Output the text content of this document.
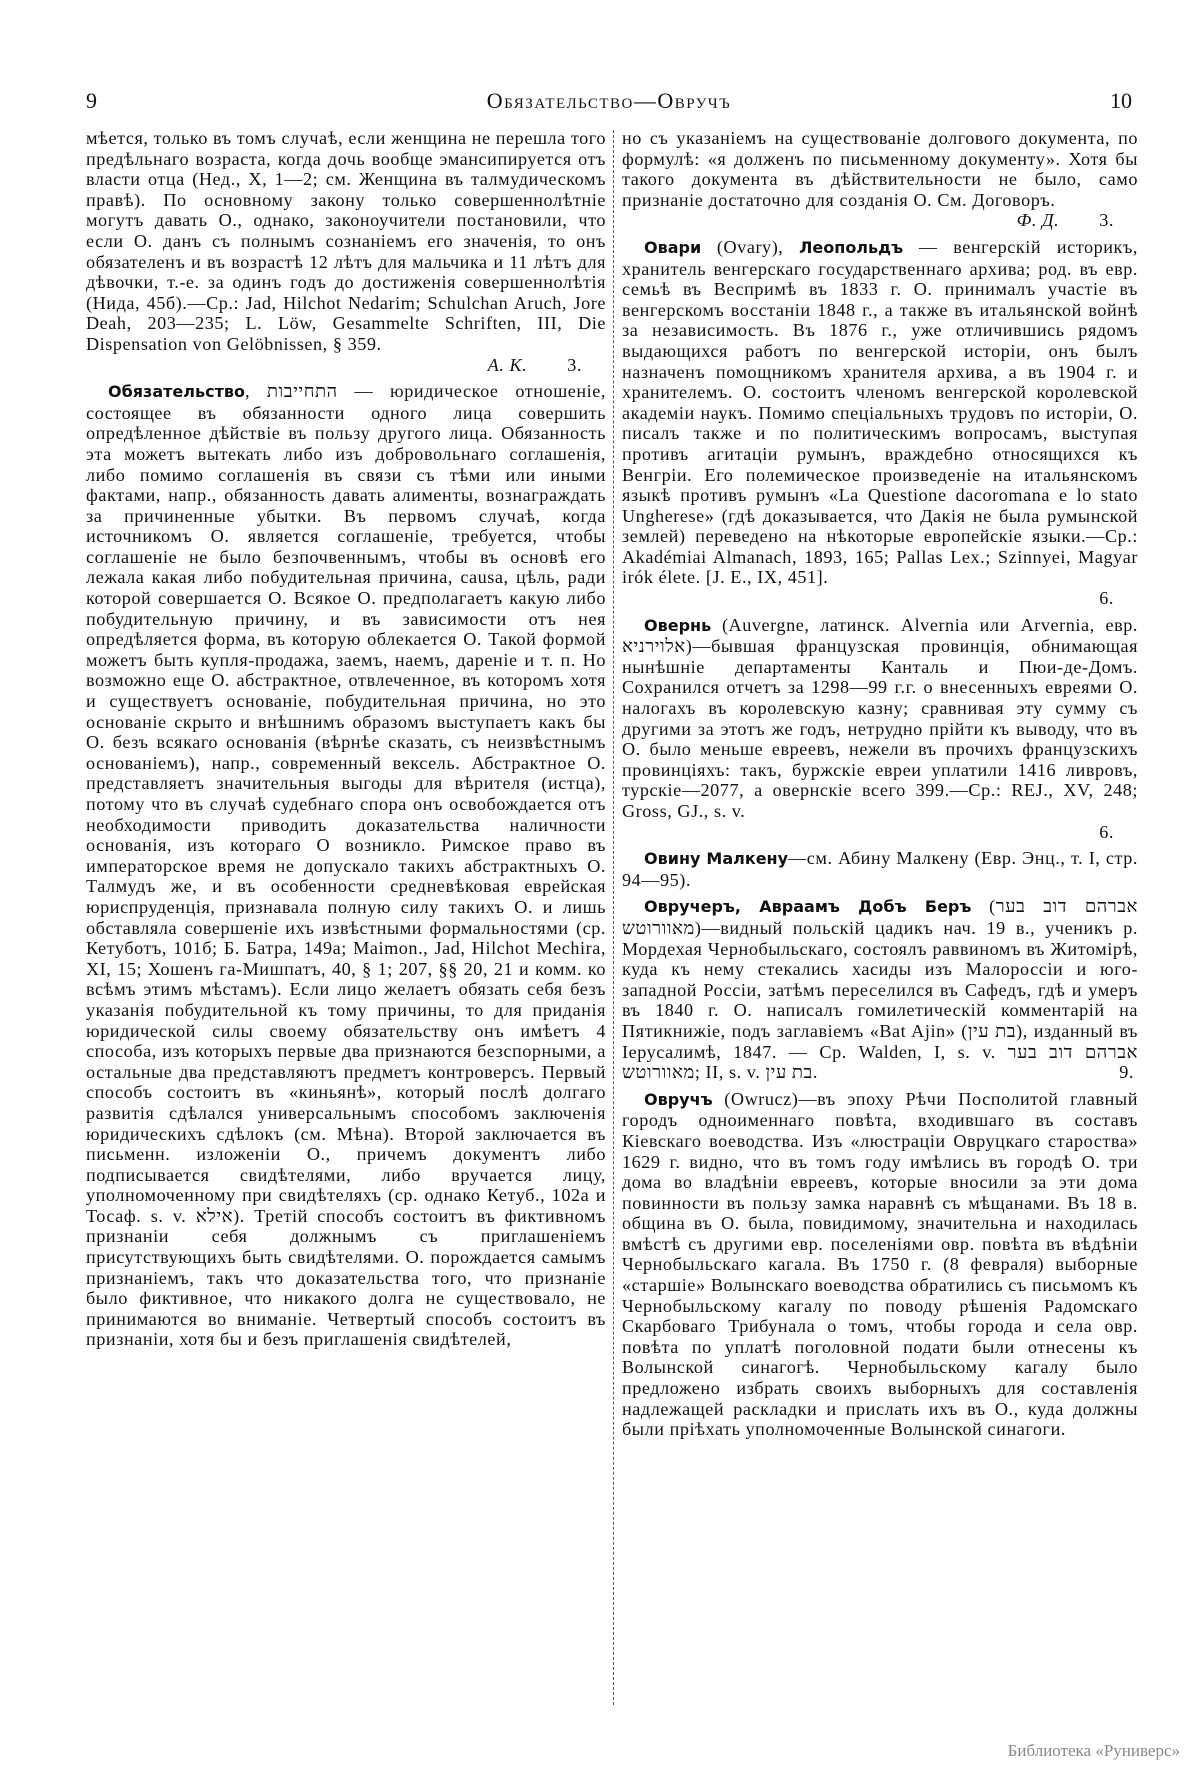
9	Обязательство—Овручъ	10

мѣется, только въ томъ случаѣ, если женщина не перешла того предѣльнаго возраста, когда дочь вообще эмансипируется отъ власти отца (Нед., X, 1—2; см. Женщина въ талмудическомъ правѣ). По основному закону только совершеннолѣтніе могутъ давать О., однако, законоучители постановили, что если О. данъ съ полнымъ сознаніемъ его значенія, то онъ обязателенъ и въ возрастѣ 12 лѣтъ для мальчика и 11 лѣтъ для дѣвочки, т.-е. за одинъ годъ до достиженія совершеннолѣтія (Нида, 45б).—Ср.: Jad, Hilchot Nedarim; Schulchan Aruch, Jore Deah, 203—235; L. Löw, Gesammelte Schriften, III, Die Dispensation von Gelöbnissen, § 359.

А. К. 3.

Обязательство, התחייבות — юридическое отношеніе, состоящее въ обязанности одного лица совершить опредѣленное дѣйствіе въ пользу другого лица. Обязанность эта можетъ вытекать либо изъ добровольнаго соглашенія, либо помимо соглашенія въ связи съ тѣми или иными фактами, напр., обязанность давать алименты, вознаграждать за причиненные убытки. Въ первомъ случаѣ, когда источникомъ О. является соглашеніе, требуется, чтобы соглашеніе не было безпочвеннымъ, чтобы въ основѣ его лежала какая либо побудительная причина, causa, цѣль, ради которой совершается О. Всякое О. предполагаетъ какую либо побудительную причину, и въ зависимости отъ нея опредѣляется форма, въ которую облекается О. Такой формой можетъ быть купля-продажа, заемъ, наемъ, дареніе и т. п. Но возможно еще О. абстрактное, отвлеченное, въ которомъ хотя и существуетъ основаніе, побудительная причина, но это основаніе скрыто и внѣшнимъ образомъ выступаетъ какъ бы О. безъ всякаго основанія (вѣрнѣе сказать, съ неизвѣстнымъ основаніемъ), напр., современный вексель. Абстрактное О. представляетъ значительныя выгоды для вѣрителя (истца), потому что въ случаѣ судебнаго спора онъ освобождается отъ необходимости приводить доказательства наличности основанія, изъ котораго О возникло. Римское право въ императорское время не допускало такихъ абстрактныхъ О. Талмудъ же, и въ особенности средневѣковая еврейская юриспруденція, признавала полную силу такихъ О. и лишь обставляла совершеніе ихъ извѣстными формальностями (ср. Кетуботъ, 101б; Б. Батра, 149а; Maimon., Jad, Hilchot Mechira, XI, 15; Хошенъ га-Мишпатъ, 40, § 1; 207, §§ 20, 21 и комм. ко всѣмъ этимъ мѣстамъ). Если лицо желаетъ обязать себя безъ указанія побудительной къ тому причины, то для приданія юридической силы своему обязательству онъ имѣетъ 4 способа, изъ которыхъ первые два признаются безспорными, а остальные два представляютъ предметъ контроверсъ. Первый способъ состоитъ въ «киньянѣ», который послѣ долгаго развитія сдѣлался универсальнымъ способомъ заключенія юридическихъ сдѣлокъ (см. Мѣна). Второй заключается въ письменн. изложеніи О., причемъ документъ либо подписывается свидѣтелями, либо вручается лицу, уполномоченному при свидѣтеляхъ (ср. однако Кетуб., 102а и Тосаф. s. v. אילא). Третій способъ состоитъ въ фиктивномъ признаніи себя должнымъ съ приглашеніемъ присутствующихъ быть свидѣтелями. О. порождается самымъ признаніемъ, такъ что доказательства того, что признаніе было фиктивное, что никакого долга не существовало, не принимаются во вниманіе. Четвертый способъ состоитъ въ признаніи, хотя бы и безъ приглашенія свидѣтелей,

но съ указаніемъ на существованіе долгового документа, по формулѣ: «я долженъ по письменному документу». Хотя бы такого документа въ дѣйствительности не было, само признаніе достаточно для созданія О. См. Договоръ.

Ф. Д. 3.

Овари (Ovary), Леопольдъ — венгерскій историкъ, хранитель венгерскаго государственнаго архива; род. въ евр. семьѣ въ Веспримѣ въ 1833 г. О. принималъ участіе въ венгерскомъ восстаніи 1848 г., а также въ итальянской войнѣ за независимость. Въ 1876 г., уже отличившись рядомъ выдающихся работъ по венгерской исторіи, онъ былъ назначенъ помощникомъ хранителя архива, а въ 1904 г. и хранителемъ. О. состоитъ членомъ венгерской королевской академіи наукъ. Помимо спеціальныхъ трудовъ по исторіи, О. писалъ также и по политическимъ вопросамъ, выступая противъ агитаціи румынъ, враждебно относящихся къ Венгріи. Его полемическое произведеніе на итальянскомъ языкѣ противъ румынъ «La Questione dacoromana e lo stato Ungherese» (гдѣ доказывается, что Дакія не была румынской землей) переведено на нѣкоторые европейскіе языки.—Ср.: Akadémiai Almanach, 1893, 165; Pallas Lex.; Szinnyei, Magyar irók élete. [J. E., IX, 451].

6.

Овернь (Auvergne, латинск. Alvernia или Arvernia, евр. אלוירניא)—бывшая французская провинція, обнимающая нынѣшніе департаменты Канталь и Пюи-де-Домъ. Сохранился отчетъ за 1298—99 г.г. о внесенныхъ евреями О. налогахъ въ королевскую казну; сравнивая эту сумму съ другими за этотъ же годъ, нетрудно прійти къ выводу, что въ О. было меньше евреевъ, нежели въ прочихъ французскихъ провинціяхъ: такъ, буржскіе евреи уплатили 1416 ливровъ, турскіе—2077, а овернскіе всего 399.—Ср.: REJ., XV, 248; Gross, GJ., s. v.

6.

Овину Малкену—см. Абину Малкену (Евр. Энц., т. I, стр. 94—95).

Овручеръ, Авраамъ Добъ Беръ (אברהם דוב בער מאוורוטש)—видный польскій цадикъ нач. 19 в., ученикъ р. Мордехая Чернобыльскаго, состоялъ раввиномъ въ Житомірѣ, куда къ нему стекались хасиды изъ Малороссіи и юго-западной Россіи, затѣмъ переселился въ Сафедъ, гдѣ и умеръ въ 1840 г. О. написалъ гомилетическій комментарій на Пятикнижіе, подъ заглавіемъ «Bat Ajin» (בת עין), изданный въ Іерусалимѣ, 1847. — Ср. Walden, I, s. v. אברהם דוב בער מאוורוטש; II, s. v. בת עין.	9.

Овручъ (Owrucz)—въ эпоху Рѣчи Посполитой главный городъ одноименнаго повѣта, входившаго въ составъ Кіевскаго воеводства. Изъ «люстраціи Овруцкаго староства» 1629 г. видно, что въ томъ году имѣлись въ городѣ О. три дома во владѣніи евреевъ, которые вносили за эти дома повинности въ пользу замка наравнѣ съ мѣщанами. Въ 18 в. община въ О. была, повидимому, значительна и находилась вмѣстѣ съ другими евр. поселеніями овр. повѣта въ вѣдѣніи Чернобыльскаго кагала. Въ 1750 г. (8 февраля) выборные «старшіе» Волынскаго воеводства обратились съ письмомъ къ Чернобыльскому кагалу по поводу рѣшенія Радомскаго Скарбоваго Трибунала о томъ, чтобы города и села овр. повѣта по уплатѣ поголовной подати были отнесены къ Волынской синагогѣ. Чернобыльскому кагалу было предложено избрать своихъ выборныхъ для составленія надлежащей раскладки и прислать ихъ въ О., куда должны были пріѣхать уполномоченные Волынской синагоги.

Библиотека «Руниверс»
